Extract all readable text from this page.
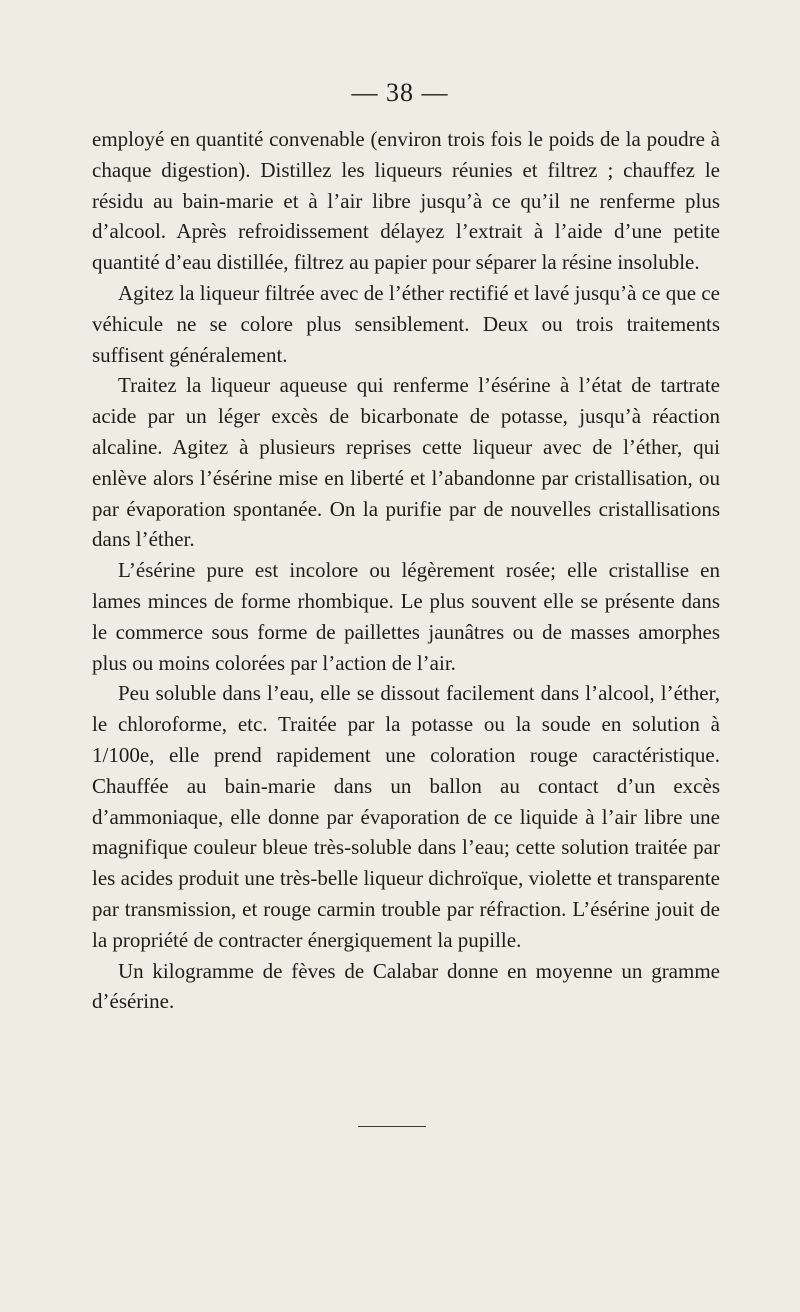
— 38 —

employé en quantité convenable (environ trois fois le poids de la poudre à chaque digestion). Distillez les liqueurs réunies et filtrez ; chauffez le résidu au bain-marie et à l’air libre jusqu’à ce qu’il ne renferme plus d’alcool. Après refroidissement délayez l’extrait à l’aide d’une petite quantité d’eau distillée, filtrez au papier pour séparer la résine insoluble.

Agitez la liqueur filtrée avec de l’éther rectifié et lavé jusqu’à ce que ce véhicule ne se colore plus sensiblement. Deux ou trois traitements suffisent généralement.

Traitez la liqueur aqueuse qui renferme l’ésérine à l’état de tartrate acide par un léger excès de bicarbonate de potasse, jusqu’à réaction alcaline. Agitez à plusieurs reprises cette liqueur avec de l’éther, qui enlève alors l’ésérine mise en liberté et l’abandonne par cristallisation, ou par évaporation spontanée. On la purifie par de nouvelles cristallisations dans l’éther.

L’ésérine pure est incolore ou légèrement rosée; elle cristallise en lames minces de forme rhombique. Le plus souvent elle se présente dans le commerce sous forme de paillettes jaunâtres ou de masses amorphes plus ou moins colorées par l’action de l’air.

Peu soluble dans l’eau, elle se dissout facilement dans l’alcool, l’éther, le chloroforme, etc. Traitée par la potasse ou la soude en solution à 1/100e, elle prend rapidement une coloration rouge caractéristique. Chauffée au bain-marie dans un ballon au contact d’un excès d’ammoniaque, elle donne par évaporation de ce liquide à l’air libre une magnifique couleur bleue très-soluble dans l’eau; cette solution traitée par les acides produit une très-belle liqueur dichroïque, violette et transparente par transmission, et rouge carmin trouble par réfraction. L’ésérine jouit de la propriété de contracter énergiquement la pupille.

Un kilogramme de fèves de Calabar donne en moyenne un gramme d’ésérine.
